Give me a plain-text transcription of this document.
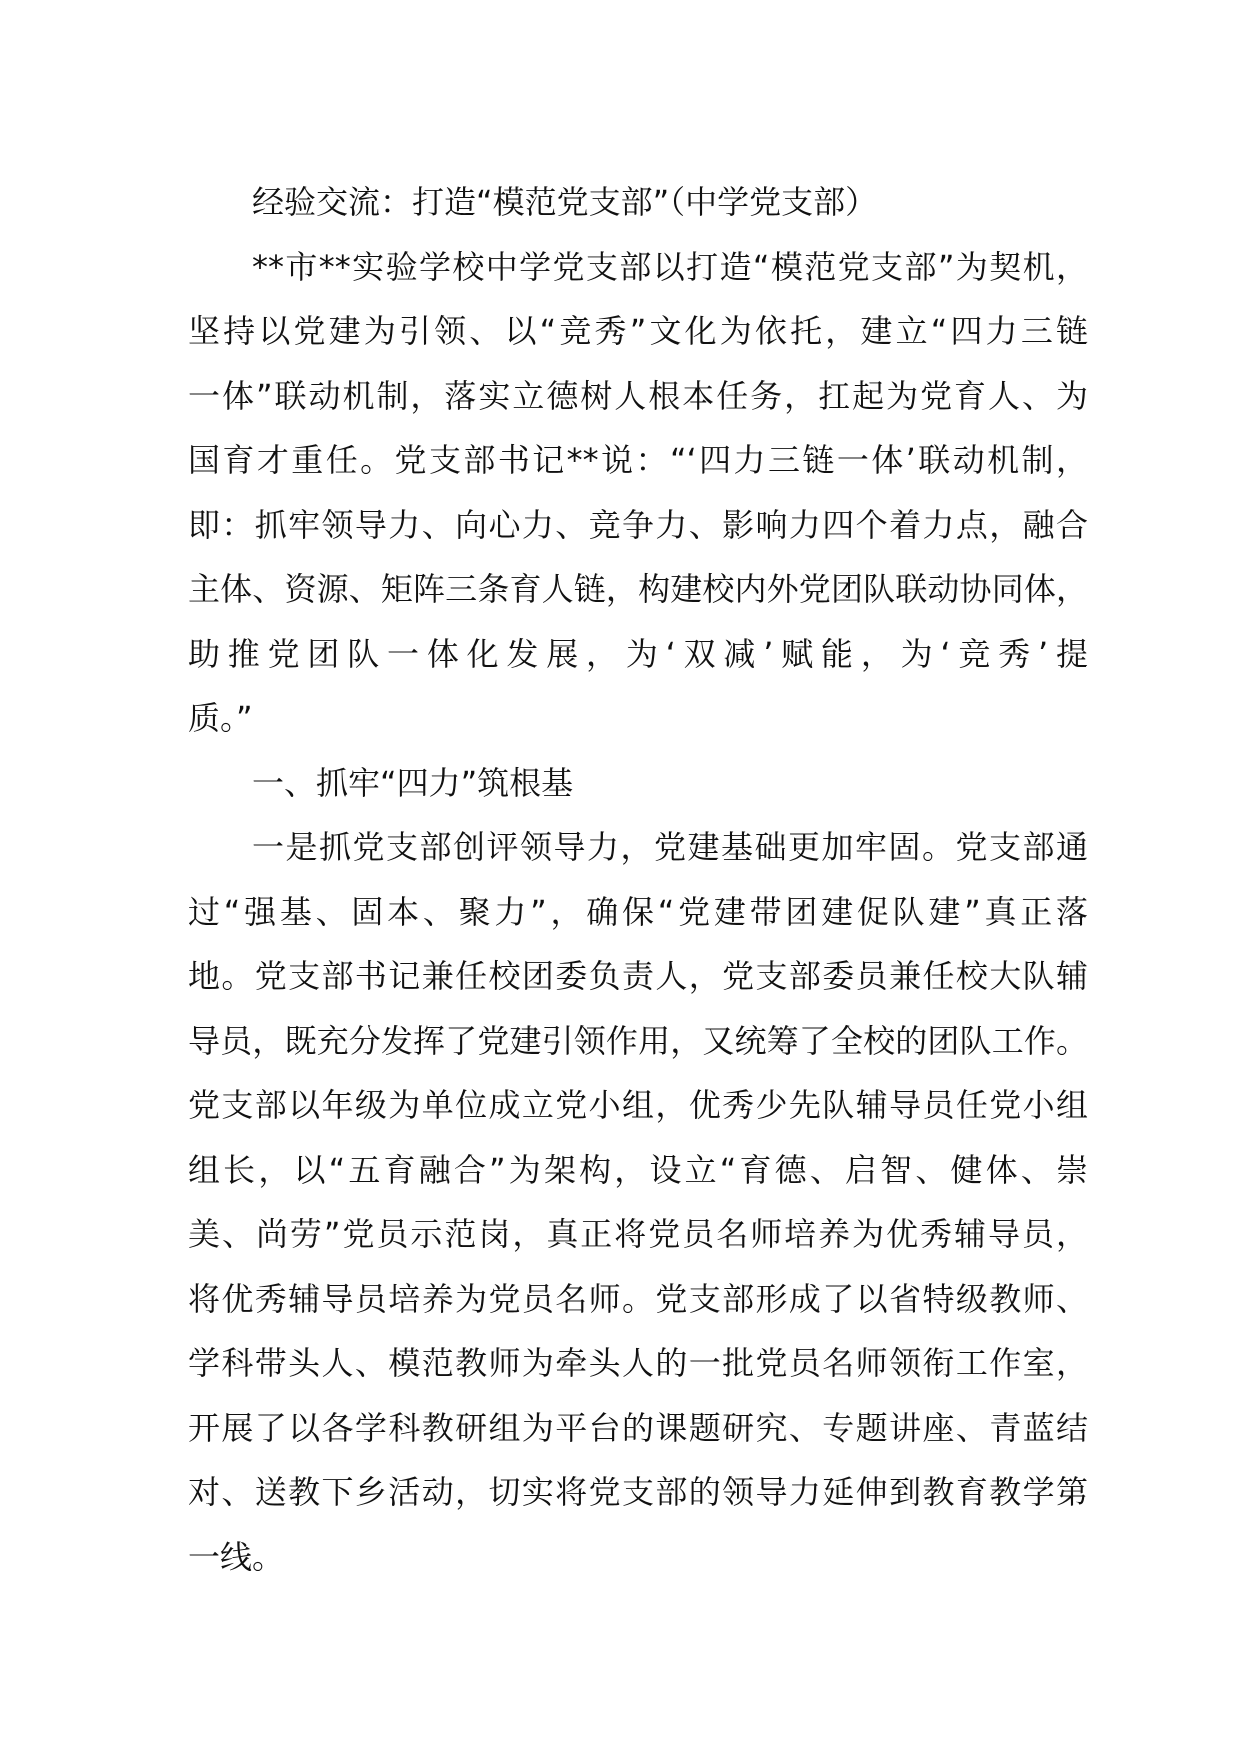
经验交流：打造“模范党支部”（中学党支部）
**市**实验学校中学党支部以打造“模范党支部”为契机，
坚持以党建为引领、以“竞秀”文化为依托，建立“四力三链
一体”联动机制，落实立德树人根本任务，扛起为党育人、为
国育才重任。党支部书记**说：“‘四力三链一体’联动机制，
即：抓牢领导力、向心力、竞争力、影响力四个着力点，融合
主体、资源、矩阵三条育人链，构建校内外党团队联动协同体，
助推党团队一体化发展，为‘双减’赋能，为‘竞秀’提
质。”
一、抓牢“四力”筑根基
一是抓党支部创评领导力，党建基础更加牢固。党支部通
过“强基、固本、聚力”，确保“党建带团建促队建”真正落
地。党支部书记兼任校团委负责人，党支部委员兼任校大队辅
导员，既充分发挥了党建引领作用，又统筹了全校的团队工作。
党支部以年级为单位成立党小组，优秀少先队辅导员任党小组
组长，以“五育融合”为架构，设立“育德、启智、健体、崇
美、尚劳”党员示范岗，真正将党员名师培养为优秀辅导员，
将优秀辅导员培养为党员名师。党支部形成了以省特级教师、
学科带头人、模范教师为牵头人的一批党员名师领衔工作室，
开展了以各学科教研组为平台的课题研究、专题讲座、青蓝结
对、送教下乡活动，切实将党支部的领导力延伸到教育教学第
一线。
